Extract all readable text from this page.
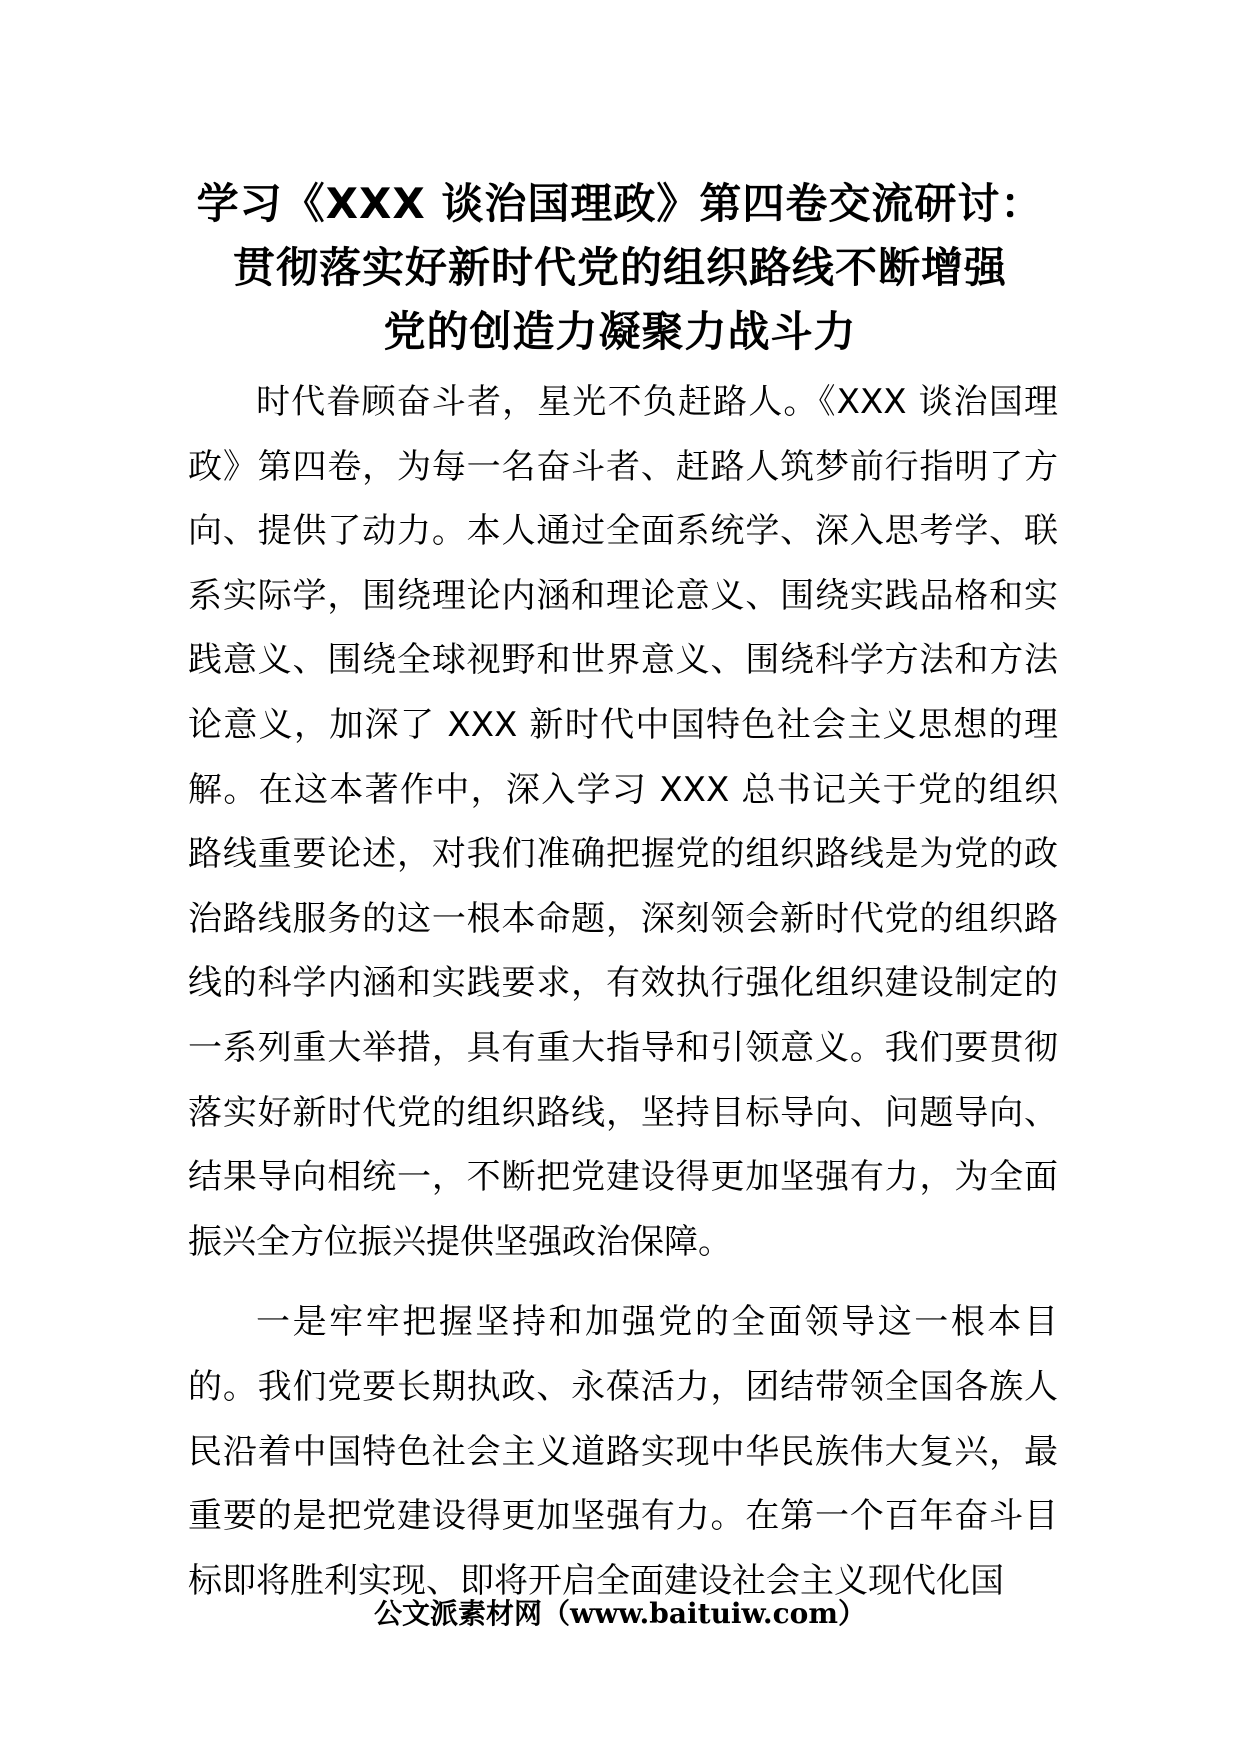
学习《XXX 谈治国理政》第四卷交流研讨：
贯彻落实好新时代党的组织路线不断增强
党的创造力凝聚力战斗力

时代眷顾奋斗者，星光不负赶路人。《XXX 谈治国理政》第四卷，为每一名奋斗者、赶路人筑梦前行指明了方向、提供了动力。本人通过全面系统学、深入思考学、联系实际学，围绕理论内涵和理论意义、围绕实践品格和实践意义、围绕全球视野和世界意义、围绕科学方法和方法论意义，加深了 XXX 新时代中国特色社会主义思想的理解。在这本著作中，深入学习 XXX 总书记关于党的组织路线重要论述，对我们准确把握党的组织路线是为党的政治路线服务的这一根本命题，深刻领会新时代党的组织路线的科学内涵和实践要求，有效执行强化组织建设制定的一系列重大举措，具有重大指导和引领意义。我们要贯彻落实好新时代党的组织路线，坚持目标导向、问题导向、结果导向相统一，不断把党建设得更加坚强有力，为全面振兴全方位振兴提供坚强政治保障。

一是牢牢把握坚持和加强党的全面领导这一根本目的。我们党要长期执政、永葆活力，团结带领全国各族人民沿着中国特色社会主义道路实现中华民族伟大复兴，最重要的是把党建设得更加坚强有力。在第一个百年奋斗目标即将胜利实现、即将开启全面建设社会主义现代化国

公文派素材网（www.baituiw.com）
